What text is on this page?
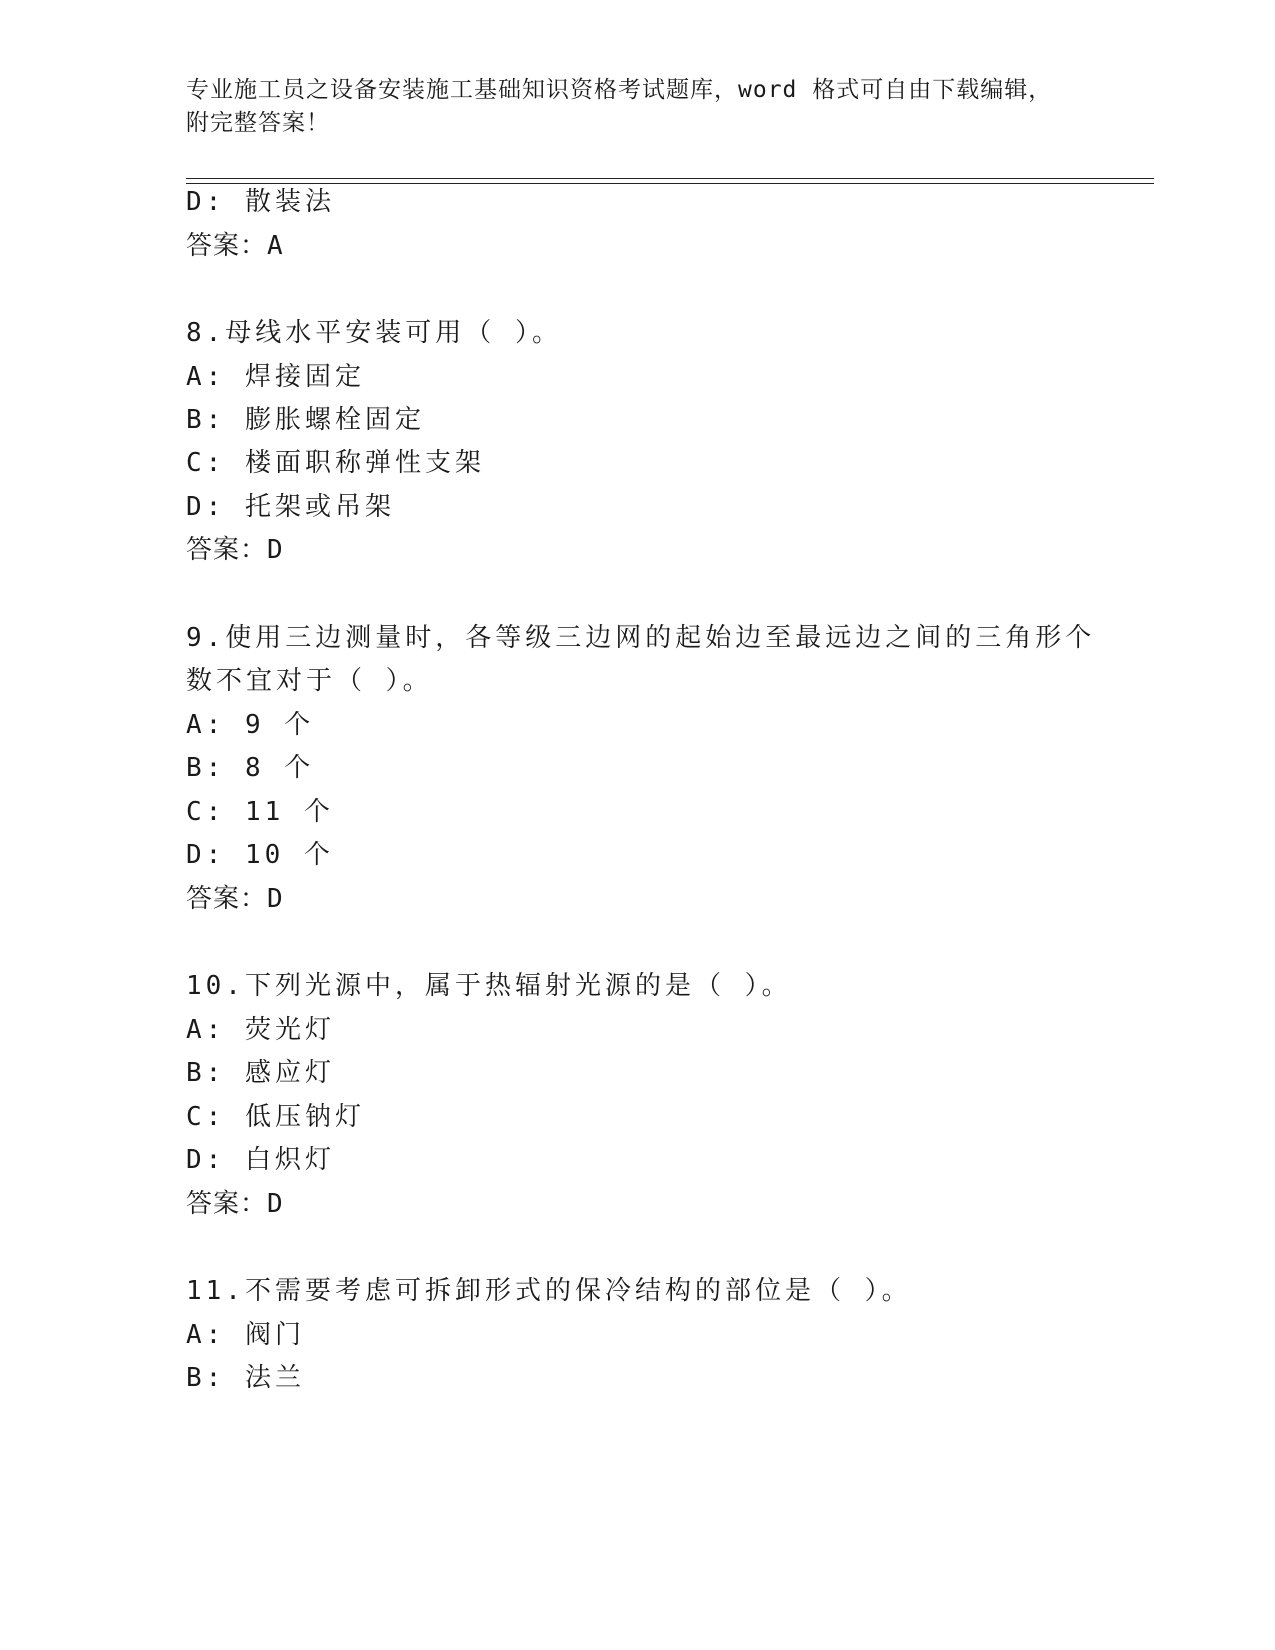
专业施工员之设备安装施工基础知识资格考试题库，word 格式可自由下载编辑，
附完整答案！
D: 散装法
答案：A
8.母线水平安装可用（ ）。
A: 焊接固定
B: 膨胀螺栓固定
C: 楼面职称弹性支架
D: 托架或吊架
答案：D
9.使用三边测量时，各等级三边网的起始边至最远边之间的三角形个
数不宜对于（ ）。
A: 9 个
B: 8 个
C: 11 个
D: 10 个
答案：D
10.下列光源中，属于热辐射光源的是（ ）。
A: 荧光灯
B: 感应灯
C: 低压钠灯
D: 白炽灯
答案：D
11.不需要考虑可拆卸形式的保冷结构的部位是（ ）。
A: 阀门
B: 法兰
